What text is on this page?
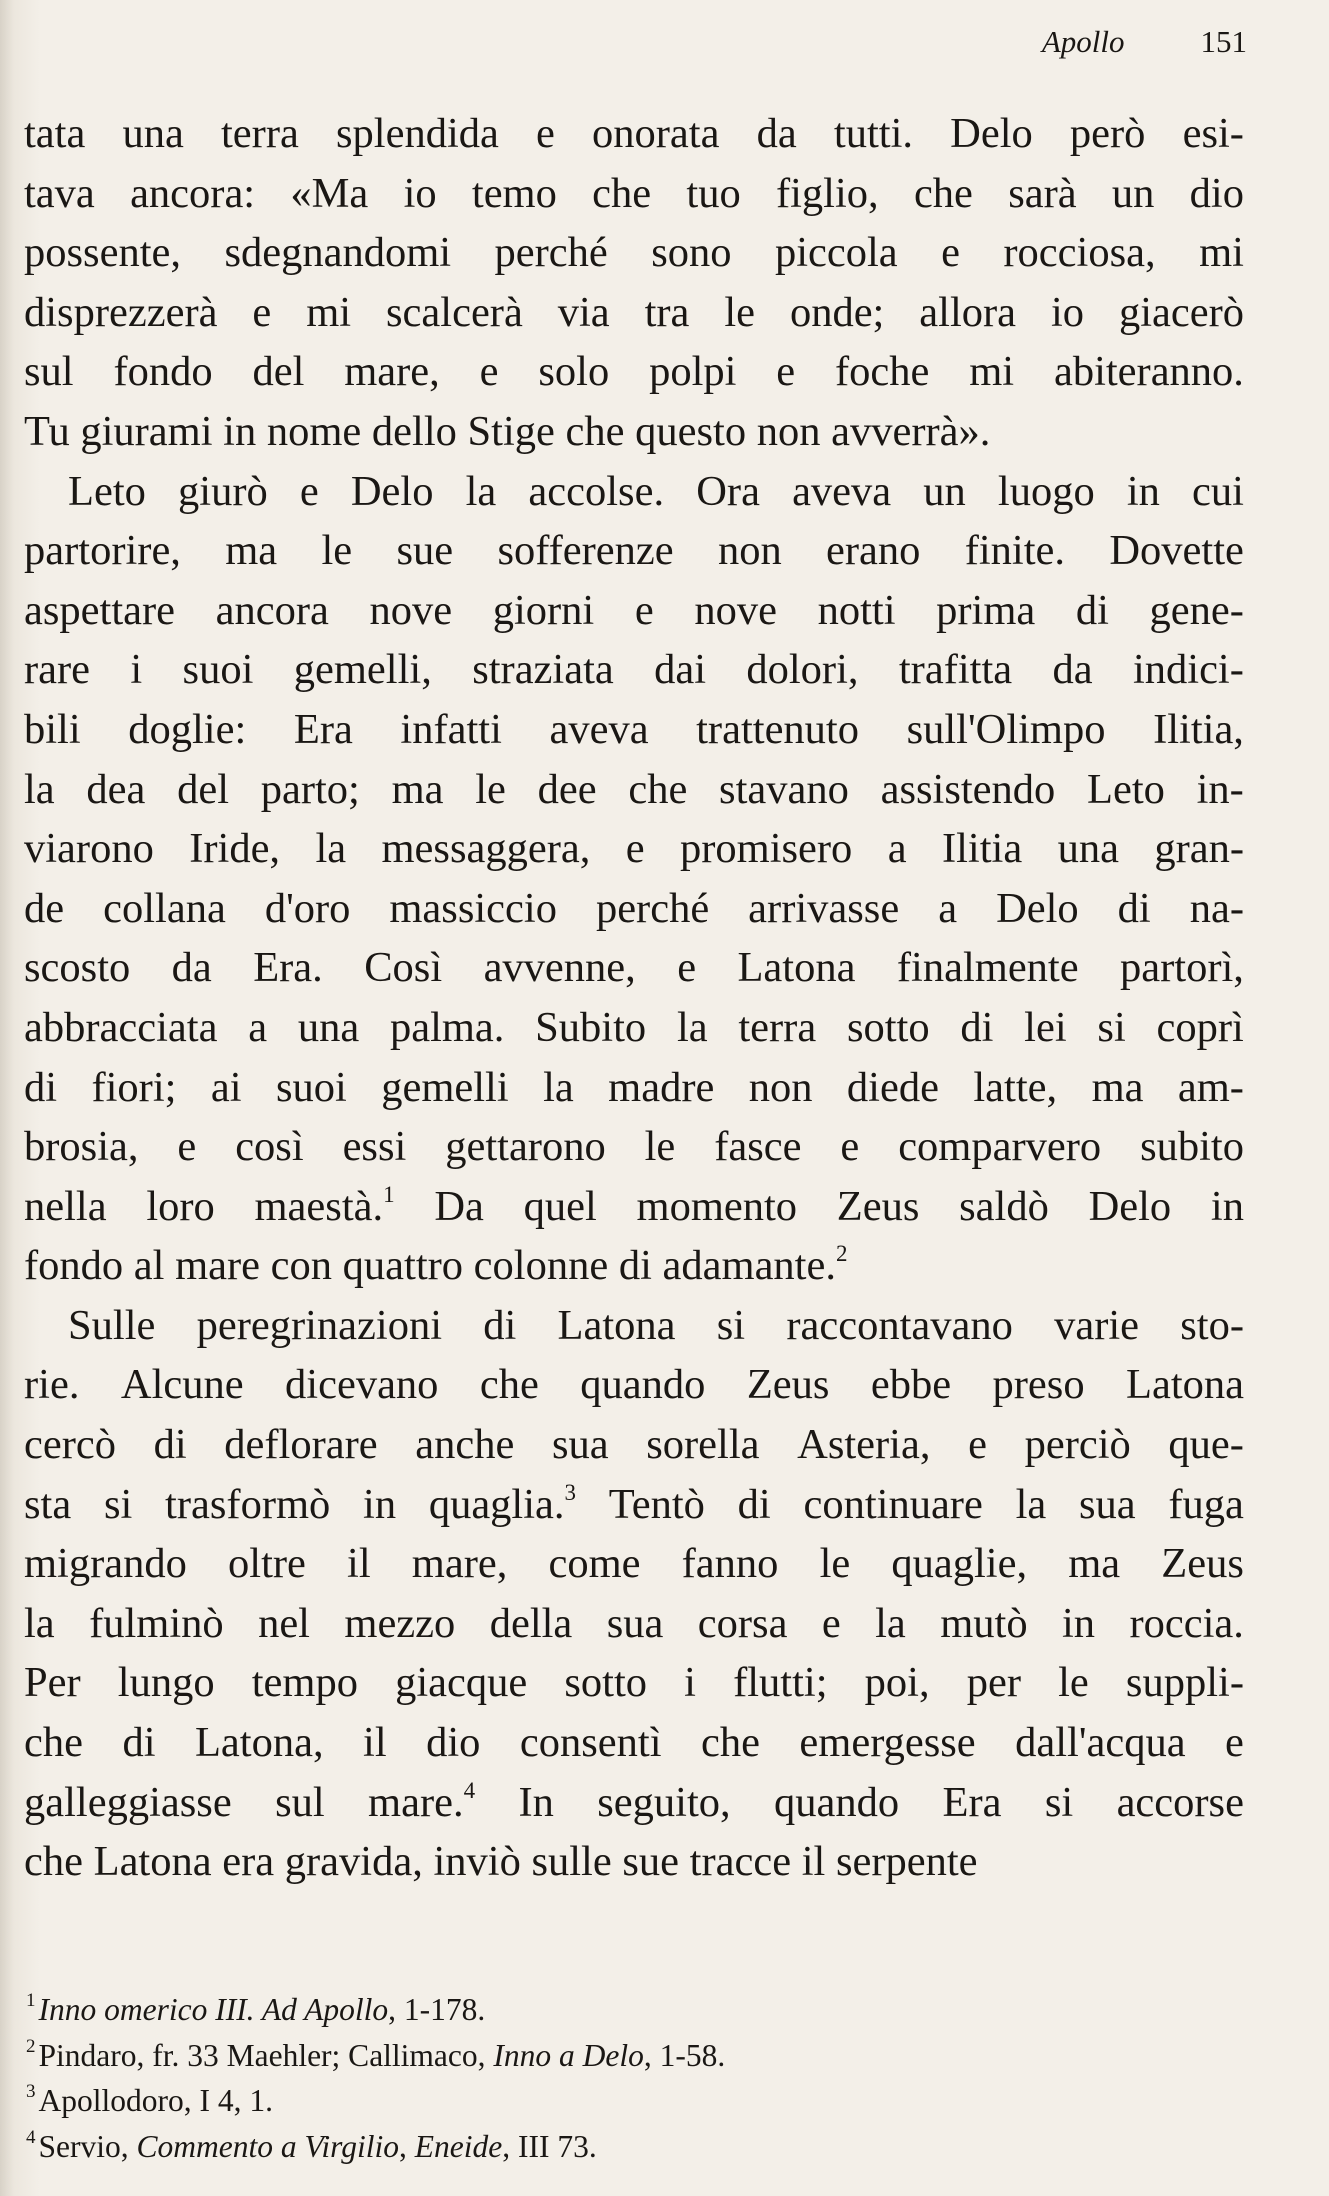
Apollo 151
tata una terra splendida e onorata da tutti. Delo però esi-
tava ancora: «Ma io temo che tuo figlio, che sarà un dio
possente, sdegnandomi perché sono piccola e rocciosa, mi
disprezzerà e mi scalcerà via tra le onde; allora io giacerò
sul fondo del mare, e solo polpi e foche mi abiteranno.
Tu giurami in nome dello Stige che questo non avverrà».
Leto giurò e Delo la accolse. Ora aveva un luogo in cui
partorire, ma le sue sofferenze non erano finite. Dovette
aspettare ancora nove giorni e nove notti prima di gene-
rare i suoi gemelli, straziata dai dolori, trafitta da indici-
bili doglie: Era infatti aveva trattenuto sull'Olimpo Ilitia,
la dea del parto; ma le dee che stavano assistendo Leto in-
viarono Iride, la messaggera, e promisero a Ilitia una gran-
de collana d'oro massiccio perché arrivasse a Delo di na-
scosto da Era. Così avvenne, e Latona finalmente partorì,
abbracciata a una palma. Subito la terra sotto di lei si coprì
di fiori; ai suoi gemelli la madre non diede latte, ma am-
brosia, e così essi gettarono le fasce e comparvero subito
nella loro maestà.$^1$ Da quel momento Zeus saldò Delo in
fondo al mare con quattro colonne di adamante.$^2$
Sulle peregrinazioni di Latona si raccontavano varie sto-
rie. Alcune dicevano che quando Zeus ebbe preso Latona
cercò di deflorare anche sua sorella Asteria, e perciò que-
sta si trasformò in quaglia.$^3$ Tentò di continuare la sua fuga
migrando oltre il mare, come fanno le quaglie, ma Zeus
la fulminò nel mezzo della sua corsa e la mutò in roccia.
Per lungo tempo giacque sotto i flutti; poi, per le suppli-
che di Latona, il dio consentì che emergesse dall'acqua e
galleggiasse sul mare.$^4$ In seguito, quando Era si accorse
che Latona era gravida, inviò sulle sue tracce il serpente
$^1$Inno omerico III. Ad Apollo, 1-178.
$^2$Pindaro, fr. 33 Maehler; Callimaco, Inno a Delo, 1-58.
$^3$Apollodoro, I 4, 1.
$^4$Servio, Commento a Virgilio, Eneide, III 73.
